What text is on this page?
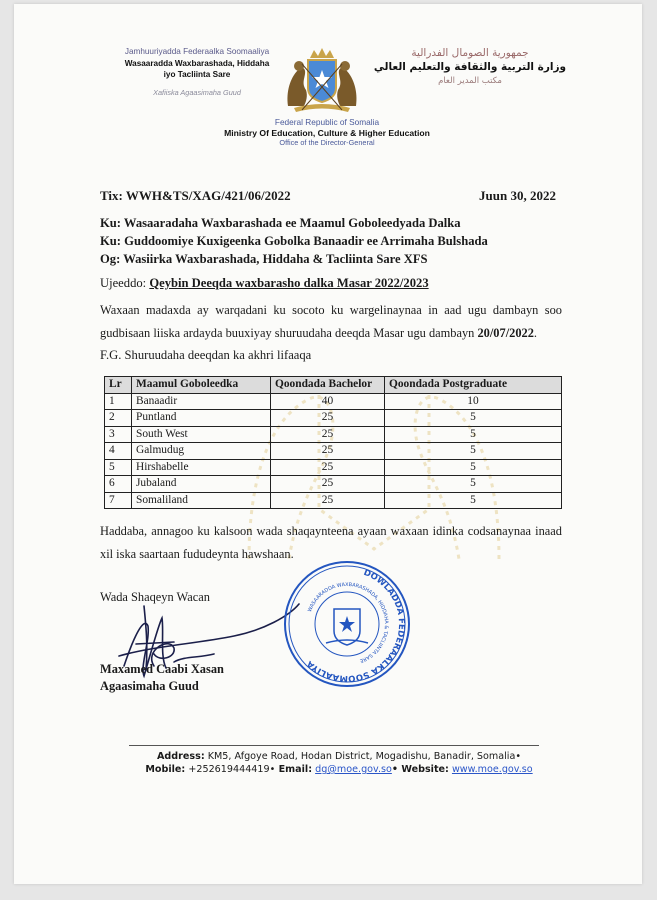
Jamhuuriyadda Federaalka Soomaaliya
Wasaaradda Waxbarashada, Hiddaha
iyo Tacliinta Sare
Xafiiska Agaasimaha Guud
جمهورية الصومال الفدرالية
وزارة التربية والثقافة والتعليم العالي
مكتب المدير العام
Federal Republic of Somalia
Ministry Of Education, Culture & Higher Education
Office of the Director-General
Tix: WWH&TS/XAG/421/06/2022	Juun 30, 2022
Ku: Wasaaradaha Waxbarashada ee Maamul Goboleedyada Dalka
Ku: Guddoomiye Kuxigeenka Gobolka Banaadir ee Arrimaha Bulshada
Og: Wasiirka Waxbarashada, Hiddaha & Tacliinta Sare XFS
Ujeeddo: Qeybin Deeqda waxbarasho dalka Masar 2022/2023
Waxaan madaxda ay warqadani ku socoto ku wargelinaynaa in aad ugu dambayn soo gudbisaan liiska ardayda buuxiyay shuruudaha deeqda Masar ugu dambayn 20/07/2022.
F.G. Shuruudaha deeqdan ka akhri lifaaqa
Lr	Maamul Goboleedka	Qoondada Bachelor	Qoondada Postgraduate
1	Banaadir	40	10
2	Puntland	25	5
3	South West	25	5
4	Galmudug	25	5
5	Hirshabelle	25	5
6	Jubaland	25	5
7	Somaliland	25	5
Haddaba, annagoo ku kalsoon wada shaqaynteena ayaan waxaan idinka codsanaynaa inaad xil iska saartaan fududeynta hawshaan.
Wada Shaqeyn Wacan
Maxamed Caabi Xasan
Agaasimaha Guud
DOWLADDA FEDERAALKA SOOMAALIYA
WASAARADDA WAXBARASHADA, HIDDAHA & TACLIINTA SARE
Address: KM5, Afgoye Road, Hodan District, Mogadishu, Banadir, Somalia•
Mobile: +252619444419• Email: dg@moe.gov.so• Website: www.moe.gov.so
